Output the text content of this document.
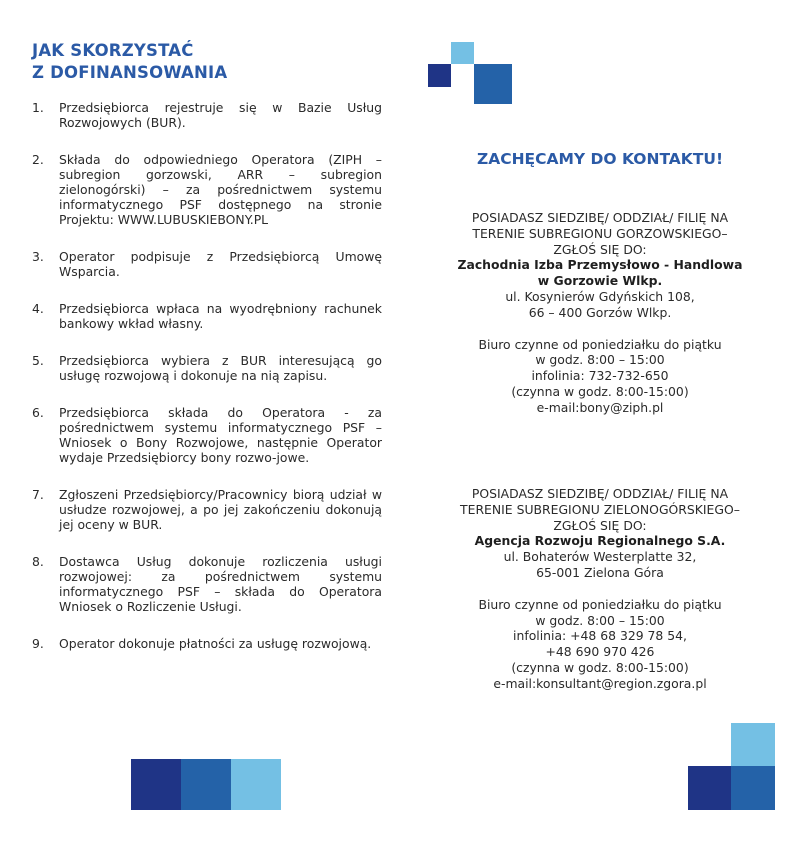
JAK SKORZYSTAĆ
Z DOFINANSOWANIA
1.	Przedsiębiorca rejestruje się w Bazie Usług Rozwojowych (BUR).
2.	Składa do odpowiedniego Operatora (ZIPH – subregion gorzowski, ARR – subregion zielonogórski) – za pośrednictwem systemu informatycznego PSF dostępnego na stronie Projektu: WWW.LUBUSKIEBONY.PL
3.	Operator podpisuje z Przedsiębiorcą Umowę Wsparcia.
4.	Przedsiębiorca wpłaca na wyodrębniony rachunek bankowy wkład własny.
5.	Przedsiębiorca wybiera z BUR interesującą go usługę rozwojową i dokonuje na nią zapisu.
6.	Przedsiębiorca składa do Operatora - za pośrednictwem systemu informatycznego PSF – Wniosek o Bony Rozwojowe, następnie Operator wydaje Przedsiębiorcy bony rozwo-jowe.
7.	Zgłoszeni Przedsiębiorcy/Pracownicy biorą udział w usłudze rozwojowej, a po jej zakończeniu dokonują jej oceny w BUR.
8.	Dostawca Usług dokonuje rozliczenia usługi rozwojowej: za pośrednictwem systemu informatycznego PSF – składa do Operatora Wniosek o Rozliczenie Usługi.
9.	Operator dokonuje płatności za usługę rozwojową.
ZACHĘCAMY DO KONTAKTU!
POSIADASZ SIEDZIBĘ/ ODDZIAŁ/ FILIĘ NA
TERENIE SUBREGIONU GORZOWSKIEGO–
ZGŁOŚ SIĘ DO:
Zachodnia Izba Przemysłowo - Handlowa
w Gorzowie Wlkp.
ul. Kosynierów Gdyńskich 108,
66 – 400 Gorzów Wlkp.
Biuro czynne od poniedziałku do piątku
w godz. 8:00 – 15:00
infolinia: 732-732-650
(czynna w godz. 8:00-15:00)
e-mail:bony@ziph.pl
POSIADASZ SIEDZIBĘ/ ODDZIAŁ/ FILIĘ NA
TERENIE SUBREGIONU ZIELONOGÓRSKIEGO–
ZGŁOŚ SIĘ DO:
Agencja Rozwoju Regionalnego S.A.
ul. Bohaterów Westerplatte 32,
65-001 Zielona Góra
Biuro czynne od poniedziałku do piątku
w godz. 8:00 – 15:00
infolinia: +48 68 329 78 54,
+48 690 970 426
(czynna w godz. 8:00-15:00)
e-mail:konsultant@region.zgora.pl
